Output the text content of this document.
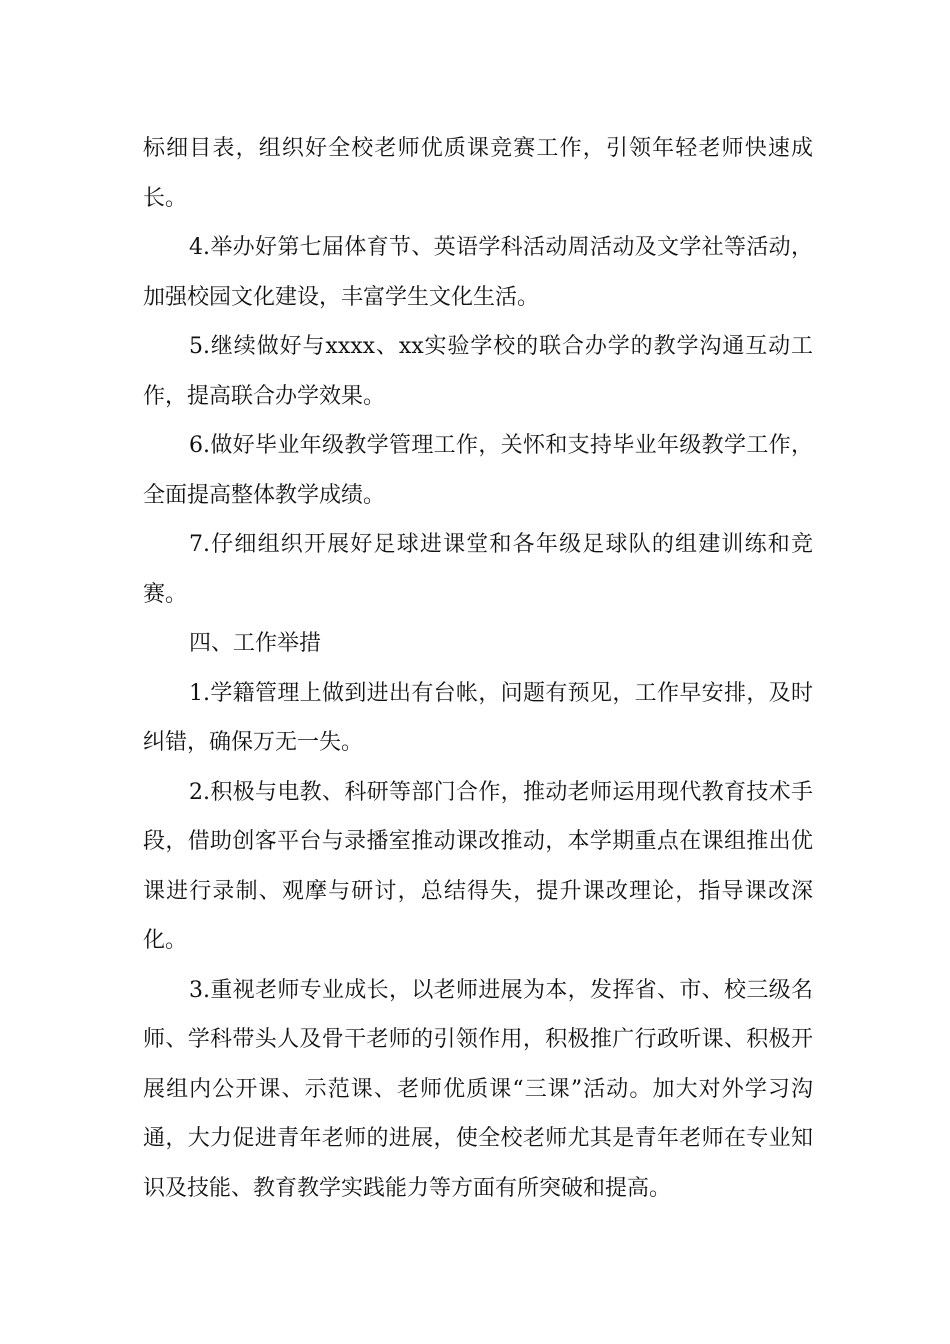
标细目表，组织好全校老师优质课竞赛工作，引领年轻老师快速成长。

4.举办好第七届体育节、英语学科活动周活动及文学社等活动，加强校园文化建设，丰富学生文化生活。

5.继续做好与xxxx、xx实验学校的联合办学的教学沟通互动工作，提高联合办学效果。

6.做好毕业年级教学管理工作，关怀和支持毕业年级教学工作，全面提高整体教学成绩。

7.仔细组织开展好足球进课堂和各年级足球队的组建训练和竞赛。

四、工作举措

1.学籍管理上做到进出有台帐，问题有预见，工作早安排，及时纠错，确保万无一失。

2.积极与电教、科研等部门合作，推动老师运用现代教育技术手段，借助创客平台与录播室推动课改推动，本学期重点在课组推出优课进行录制、观摩与研讨，总结得失，提升课改理论，指导课改深化。

3.重视老师专业成长，以老师进展为本，发挥省、市、校三级名师、学科带头人及骨干老师的引领作用，积极推广行政听课、积极开展组内公开课、示范课、老师优质课“三课”活动。加大对外学习沟通，大力促进青年老师的进展，使全校老师尤其是青年老师在专业知识及技能、教育教学实践能力等方面有所突破和提高。
